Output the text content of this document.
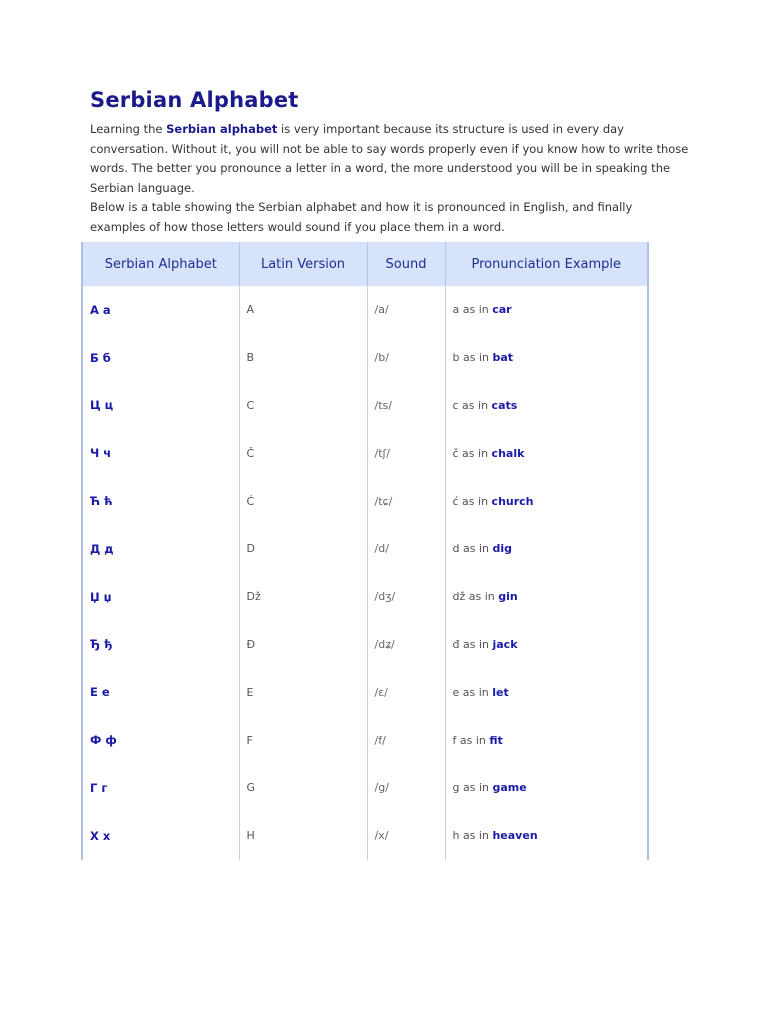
Serbian Alphabet

Learning the Serbian alphabet is very important because its structure is used in every day conversation. Without it, you will not be able to say words properly even if you know how to write those words. The better you pronounce a letter in a word, the more understood you will be in speaking the Serbian language.

Below is a table showing the Serbian alphabet and how it is pronounced in English, and finally examples of how those letters would sound if you place them in a word.

Serbian Alphabet	Latin Version	Sound	Pronunciation Example
А а	A	/a/	a as in car
Б б	B	/b/	b as in bat
Ц ц	C	/ts/	c as in cats
Ч ч	Č	/tʃ/	č as in chalk
Ћ ћ	Ć	/tɕ/	ć as in church
Д д	D	/d/	d as in dig
Џ џ	Dž	/dʒ/	dž as in gin
Ђ ђ	Đ	/dʑ/	đ as in jack
Е е	E	/ɛ/	e as in let
Ф ф	F	/f/	f as in fit
Г г	G	/g/	g as in game
Х х	H	/x/	h as in heaven
